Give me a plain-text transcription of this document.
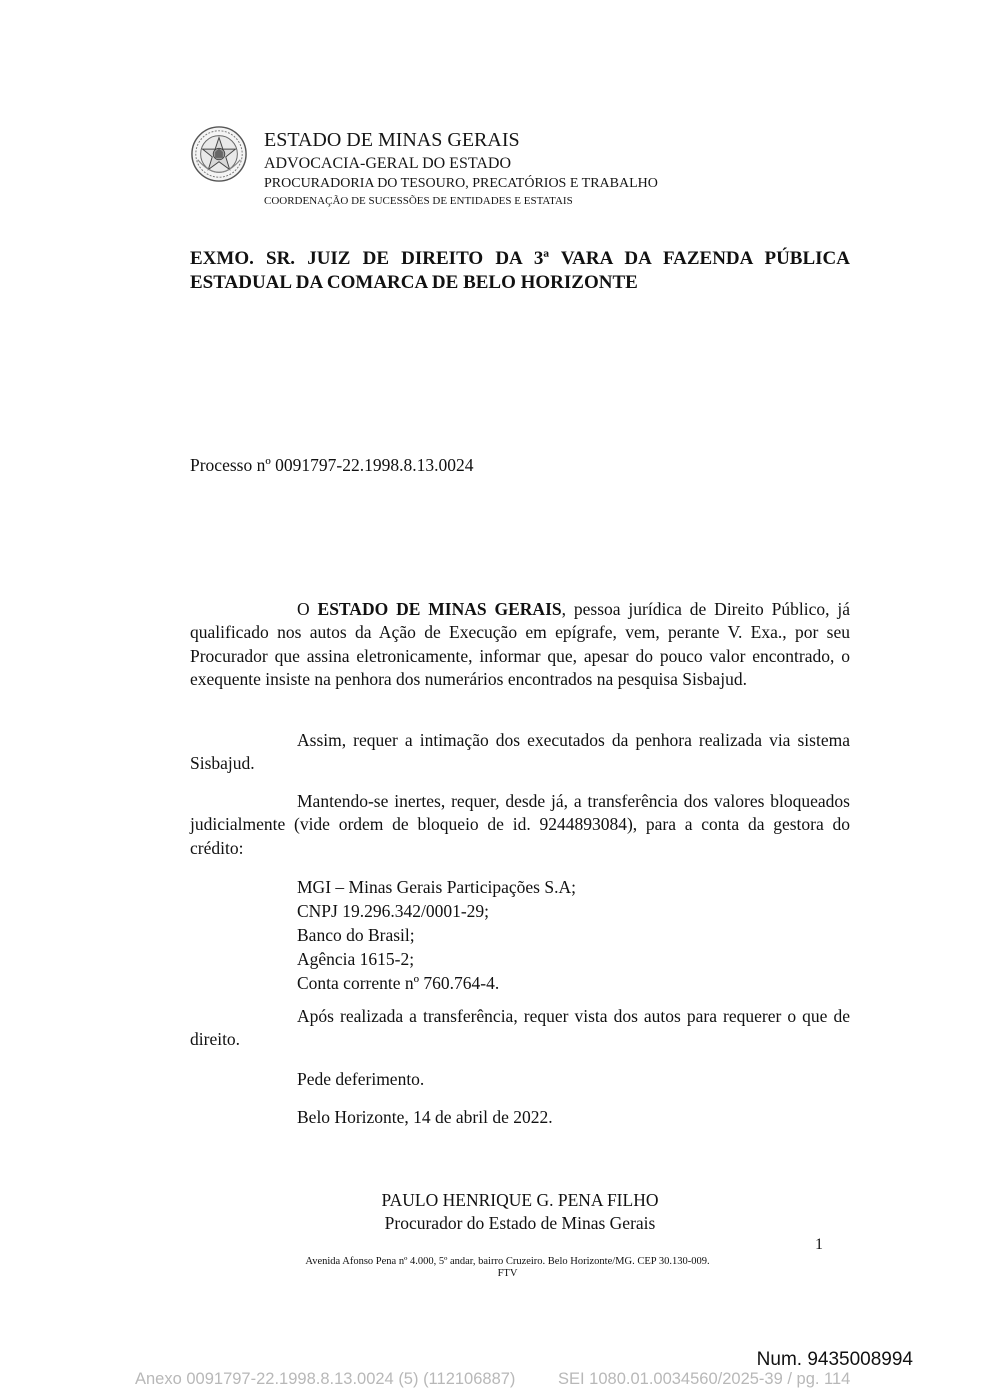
ESTADO DE MINAS GERAIS
ADVOCACIA-GERAL DO ESTADO
PROCURADORIA DO TESOURO, PRECATÓRIOS E TRABALHO
COORDENAÇÃO DE SUCESSÕES DE ENTIDADES E ESTATAIS
EXMO. SR. JUIZ DE DIREITO DA 3ª VARA DA FAZENDA PÚBLICA
ESTADUAL DA COMARCA DE BELO HORIZONTE
Processo nº 0091797-22.1998.8.13.0024

O ESTADO DE MINAS GERAIS, pessoa jurídica de Direito Público, já qualificado nos autos da Ação de Execução em epígrafe, vem, perante V. Exa., por seu Procurador que assina eletronicamente, informar que, apesar do pouco valor encontrado, o exequente insiste na penhora dos numerários encontrados na pesquisa Sisbajud.

Assim, requer a intimação dos executados da penhora realizada via sistema Sisbajud.

Mantendo-se inertes, requer, desde já, a transferência dos valores bloqueados judicialmente (vide ordem de bloqueio de id. 9244893084), para a conta da gestora do crédito:

MGI – Minas Gerais Participações S.A;
CNPJ 19.296.342/0001-29;
Banco do Brasil;
Agência 1615-2;
Conta corrente nº 760.764-4.

Após realizada a transferência, requer vista dos autos para requerer o que de direito.

Pede deferimento.
Belo Horizonte, 14 de abril de 2022.
PAULO HENRIQUE G. PENA FILHO
Procurador do Estado de Minas Gerais
1
Avenida Afonso Pena nº 4.000, 5º andar, bairro Cruzeiro. Belo Horizonte/MG. CEP 30.130-009.
FTV
Num. 9435008994
Anexo 0091797-22.1998.8.13.0024 (5) (112106887)	SEI 1080.01.0034560/2025-39 / pg. 114
